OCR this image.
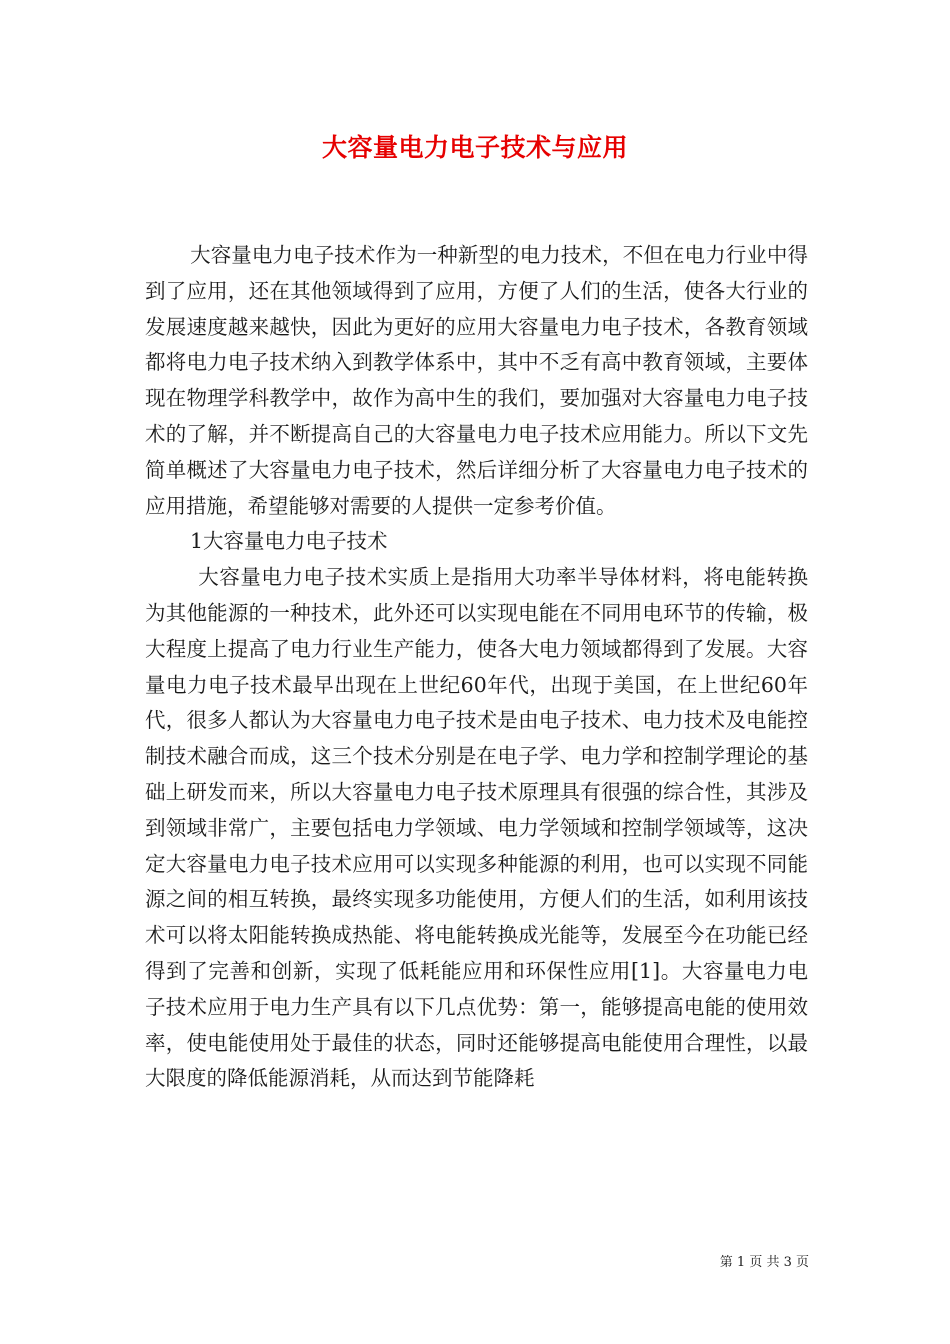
大容量电力电子技术与应用

大容量电力电子技术作为一种新型的电力技术，不但在电力行业中得到了应用，还在其他领域得到了应用，方便了人们的生活，使各大行业的发展速度越来越快，因此为更好的应用大容量电力电子技术，各教育领域都将电力电子技术纳入到教学体系中，其中不乏有高中教育领域，主要体现在物理学科教学中，故作为高中生的我们，要加强对大容量电力电子技术的了解，并不断提高自己的大容量电力电子技术应用能力。所以下文先简单概述了大容量电力电子技术，然后详细分析了大容量电力电子技术的应用措施，希望能够对需要的人提供一定参考价值。

1大容量电力电子技术

大容量电力电子技术实质上是指用大功率半导体材料，将电能转换为其他能源的一种技术，此外还可以实现电能在不同用电环节的传输，极大程度上提高了电力行业生产能力，使各大电力领域都得到了发展。大容量电力电子技术最早出现在上世纪60年代，出现于美国，在上世纪60年代，很多人都认为大容量电力电子技术是由电子技术、电力技术及电能控制技术融合而成，这三个技术分别是在电子学、电力学和控制学理论的基础上研发而来，所以大容量电力电子技术原理具有很强的综合性，其涉及到领域非常广，主要包括电力学领域、电力学领域和控制学领域等，这决定大容量电力电子技术应用可以实现多种能源的利用，也可以实现不同能源之间的相互转换，最终实现多功能使用，方便人们的生活，如利用该技术可以将太阳能转换成热能、将电能转换成光能等，发展至今在功能已经得到了完善和创新，实现了低耗能应用和环保性应用[1]。大容量电力电子技术应用于电力生产具有以下几点优势：第一，能够提高电能的使用效率，使电能使用处于最佳的状态，同时还能够提高电能使用合理性，以最大限度的降低能源消耗，从而达到节能降耗

第 1 页 共 3 页
